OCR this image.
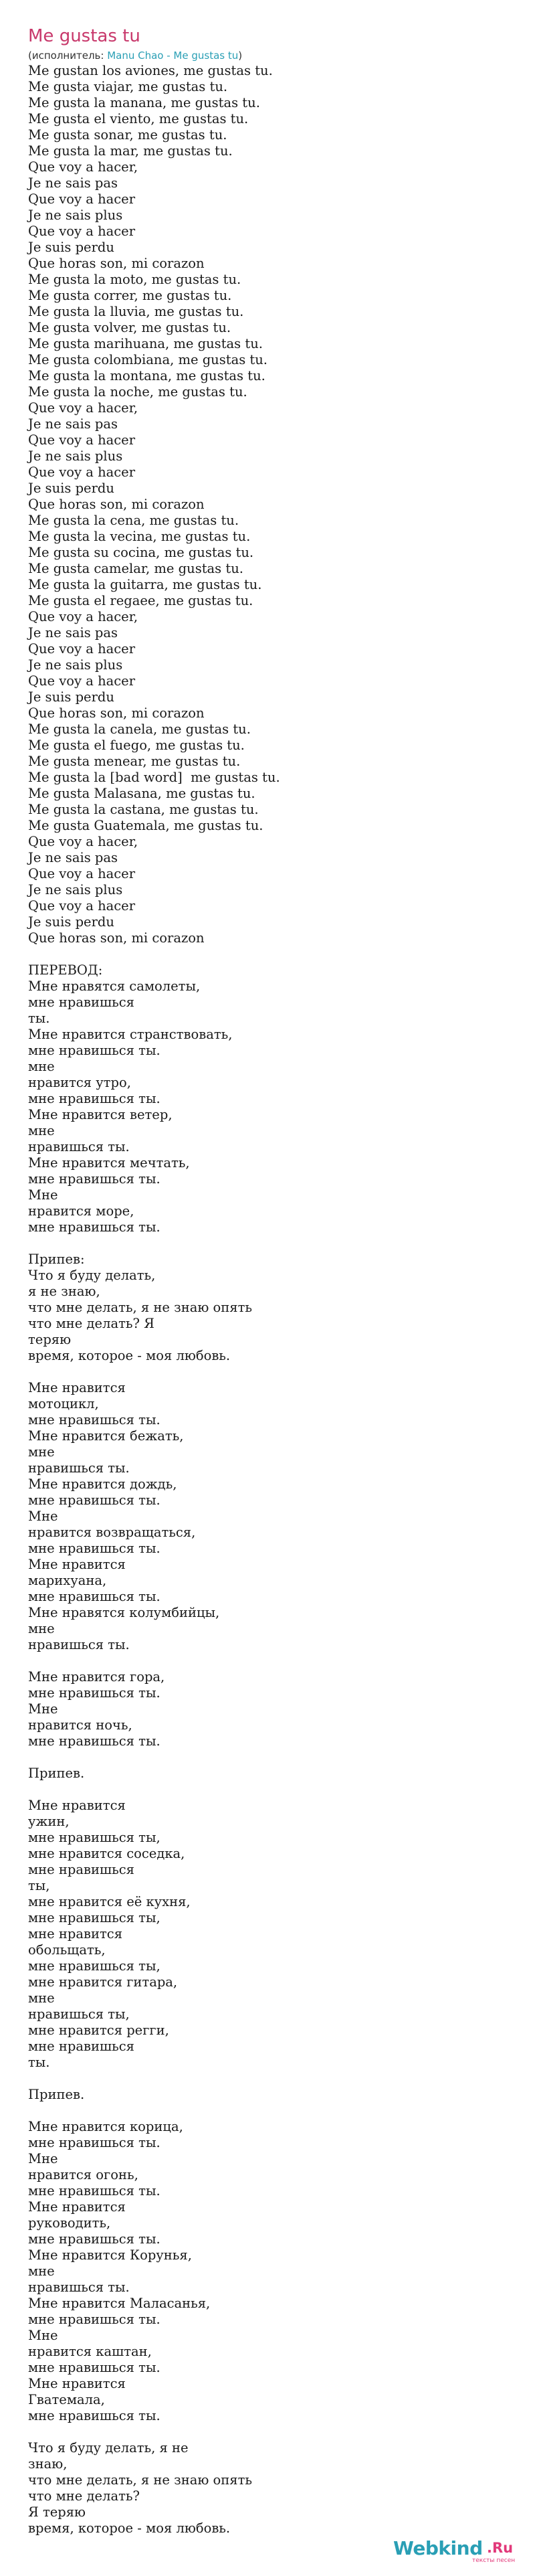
Me gustas tu
(исполнитель: Manu Chao - Me gustas tu)
Me gustan los aviones, me gustas tu.
Me gusta viajar, me gustas tu.
Me gusta la manana, me gustas tu.
Me gusta el viento, me gustas tu.
Me gusta sonar, me gustas tu.
Me gusta la mar, me gustas tu.
Que voy a hacer,
Je ne sais pas
Que voy a hacer
Je ne sais plus
Que voy a hacer
Je suis perdu
Que horas son, mi corazon
Me gusta la moto, me gustas tu.
Me gusta correr, me gustas tu.
Me gusta la lluvia, me gustas tu.
Me gusta volver, me gustas tu.
Me gusta marihuana, me gustas tu.
Me gusta colombiana, me gustas tu.
Me gusta la montana, me gustas tu.
Me gusta la noche, me gustas tu.
Que voy a hacer,
Je ne sais pas
Que voy a hacer
Je ne sais plus
Que voy a hacer
Je suis perdu
Que horas son, mi corazon
Me gusta la cena, me gustas tu.
Me gusta la vecina, me gustas tu.
Me gusta su cocina, me gustas tu.
Me gusta camelar, me gustas tu.
Me gusta la guitarra, me gustas tu.
Me gusta el regaee, me gustas tu.
Que voy a hacer,
Je ne sais pas
Que voy a hacer
Je ne sais plus
Que voy a hacer
Je suis perdu
Que horas son, mi corazon
Me gusta la canela, me gustas tu.
Me gusta el fuego, me gustas tu.
Me gusta menear, me gustas tu.
Me gusta la [bad word]  me gustas tu.
Me gusta Malasana, me gustas tu.
Me gusta la castana, me gustas tu.
Me gusta Guatemala, me gustas tu.
Que voy a hacer,
Je ne sais pas
Que voy a hacer
Je ne sais plus
Que voy a hacer
Je suis perdu
Que horas son, mi corazon

ПЕРЕВОД:
Мне нравятся самолеты,
мне нравишься
ты.
Мне нравится странствовать,
мне нравишься ты.
мне
нравится утро,
мне нравишься ты.
Мне нравится ветер,
мне
нравишься ты.
Мне нравится мечтать,
мне нравишься ты.
Мне
нравится море,
мне нравишься ты.

Припев:
Что я буду делать,
я не знаю,
что мне делать, я не знаю опять
что мне делать? Я
теряю
время, которое - моя любовь.

Мне нравится
мотоцикл,
мне нравишься ты.
Мне нравится бежать,
мне
нравишься ты.
Мне нравится дождь,
мне нравишься ты.
Мне
нравится возвращаться,
мне нравишься ты.
Мне нравится
марихуана,
мне нравишься ты.
Мне нравятся колумбийцы,
мне
нравишься ты.

Мне нравится гора,
мне нравишься ты.
Мне
нравится ночь,
мне нравишься ты.

Припев.

Мне нравится
ужин,
мне нравишься ты,
мне нравится соседка,
мне нравишься
ты,
мне нравится её кухня,
мне нравишься ты,
мне нравится
обольщать,
мне нравишься ты,
мне нравится гитара,
мне
нравишься ты,
мне нравится регги,
мне нравишься
ты.

Припев.

Мне нравится корица,
мне нравишься ты.
Мне
нравится огонь,
мне нравишься ты.
Мне нравится
руководить,
мне нравишься ты.
Мне нравится Корунья,
мне
нравишься ты.
Мне нравится Маласанья,
мне нравишься ты.
Мне
нравится каштан,
мне нравишься ты.
Мне нравится
Гватемала,
мне нравишься ты.

Что я буду делать, я не
знаю,
что мне делать, я не знаю опять
что мне делать?
Я теряю
время, которое - моя любовь.
Webkind .Ru
тексты песен
